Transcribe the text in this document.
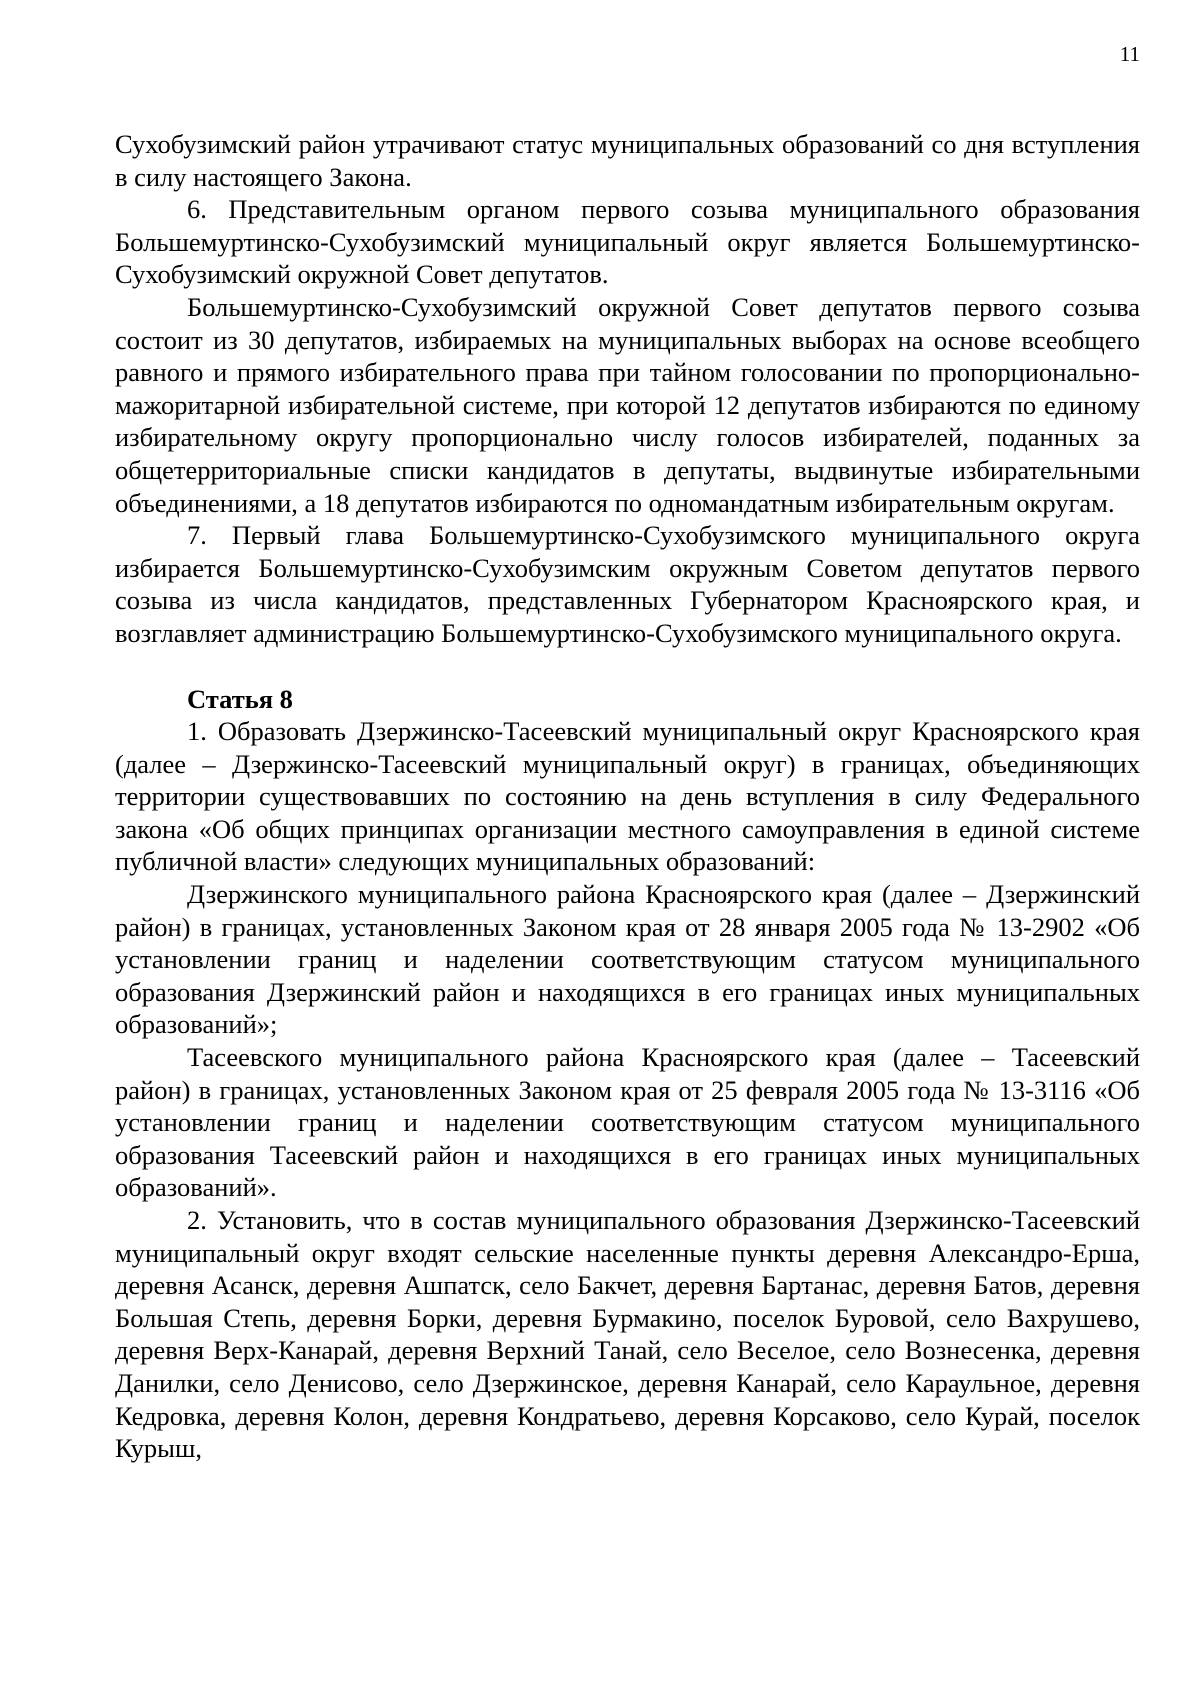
11

Сухобузимский район утрачивают статус муниципальных образований со дня вступления в силу настоящего Закона.

6. Представительным органом первого созыва муниципального образования Большемуртинско-Сухобузимский муниципальный округ является Большемуртинско-Сухобузимский окружной Совет депутатов.

Большемуртинско-Сухобузимский окружной Совет депутатов первого созыва состоит из 30 депутатов, избираемых на муниципальных выборах на основе всеобщего равного и прямого избирательного права при тайном голосовании по пропорционально-мажоритарной избирательной системе, при которой 12 депутатов избираются по единому избирательному округу пропорционально числу голосов избирателей, поданных за общетерриториальные списки кандидатов в депутаты, выдвинутые избирательными объединениями, а 18 депутатов избираются по одномандатным избирательным округам.

7. Первый глава Большемуртинско-Сухобузимского муниципального округа избирается Большемуртинско-Сухобузимским окружным Советом депутатов первого созыва из числа кандидатов, представленных Губернатором Красноярского края, и возглавляет администрацию Большемуртинско-Сухобузимского муниципального округа.

Статья 8

1. Образовать Дзержинско-Тасеевский муниципальный округ Красноярского края (далее – Дзержинско-Тасеевский муниципальный округ) в границах, объединяющих территории существовавших по состоянию на день вступления в силу Федерального закона «Об общих принципах организации местного самоуправления в единой системе публичной власти» следующих муниципальных образований:

Дзержинского муниципального района Красноярского края (далее – Дзержинский район) в границах, установленных Законом края от 28 января 2005 года № 13-2902 «Об установлении границ и наделении соответствующим статусом муниципального образования Дзержинский район и находящихся в его границах иных муниципальных образований»;

Тасеевского муниципального района Красноярского края (далее – Тасеевский район) в границах, установленных Законом края от 25 февраля 2005 года № 13-3116 «Об установлении границ и наделении соответствующим статусом муниципального образования Тасеевский район и находящихся в его границах иных муниципальных образований».

2. Установить, что в состав муниципального образования Дзержинско-Тасеевский муниципальный округ входят сельские населенные пункты деревня Александро-Ерша, деревня Асанск, деревня Ашпатск, село Бакчет, деревня Бартанас, деревня Батов, деревня Большая Степь, деревня Борки, деревня Бурмакино, поселок Буровой, село Вахрушево, деревня Верх-Канарай, деревня Верхний Танай, село Веселое, село Вознесенка, деревня Данилки, село Денисово, село Дзержинское, деревня Канарай, село Караульное, деревня Кедровка, деревня Колон, деревня Кондратьево, деревня Корсаково, село Курай, поселок Курыш,
